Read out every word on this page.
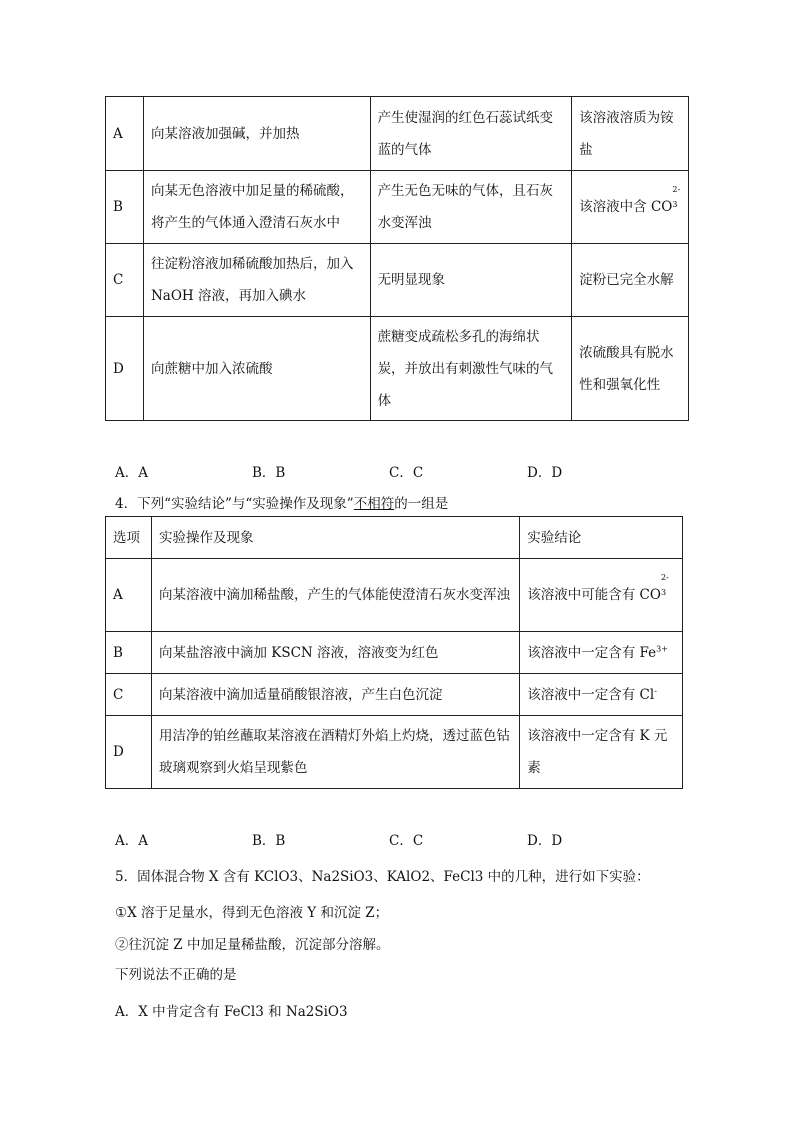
A	向某溶液加强碱，并加热	产生使湿润的红色石蕊试纸变蓝的气体	该溶液溶质为铵盐
B	向某无色溶液中加足量的稀硫酸，将产生的气体通入澄清石灰水中	产生无色无味的气体，且石灰水变浑浊	该溶液中含 CO
2-
3

C	往淀粉溶液加稀硫酸加热后，加入
NaOH 溶液，再加入碘水	无明显现象	淀粉已完全水解
D	向蔗糖中加入浓硫酸	蔗糖变成疏松多孔的海绵状炭，并放出有刺激性气味的气体	浓硫酸具有脱水性和强氧化性
A．A	B．B	C．C	D．D
4．下列“实验结论”与“实验操作及现象”不相符的一组是
选项	实验操作及现象	实验结论
A	向某溶液中滴加稀盐酸，产生的气体能使澄清石灰水变浑浊	该溶液中可能含有 CO
2-
3

B	向某盐溶液中滴加 KSCN 溶液，溶液变为红色	该溶液中一定含有 $Fe^{3+}$
C	向某溶液中滴加适量硝酸银溶液，产生白色沉淀	该溶液中一定含有 Cl-
D	用洁净的铂丝蘸取某溶液在酒精灯外焰上灼烧，透过蓝色钴玻璃观察到火焰呈现紫色	该溶液中一定含有 K 元素
A．A	B．B	C．C	D．D
5．固体混合物 X 含有 KClO3、Na2SiO3、KAlO2、FeCl3 中的几种，进行如下实验：
①X 溶于足量水，得到无色溶液 Y 和沉淀 Z；
②往沉淀 Z 中加足量稀盐酸，沉淀部分溶解。
下列说法不正确的是
A．X 中肯定含有 FeCl3 和 Na2SiO3
